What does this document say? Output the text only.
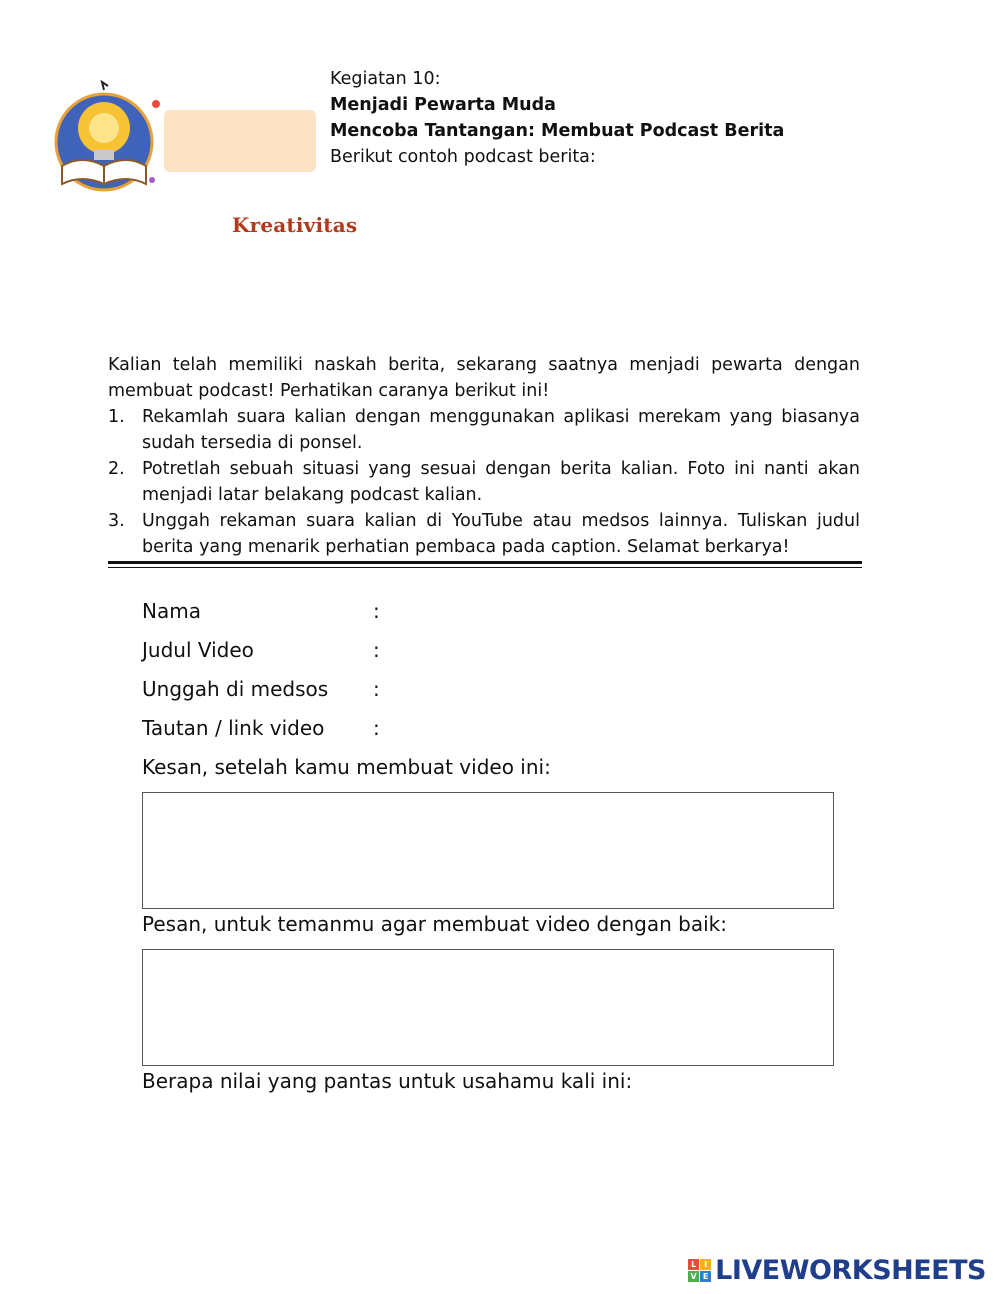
Kreativitas
Kegiatan 10:
Menjadi Pewarta Muda
Mencoba Tantangan: Membuat Podcast Berita
Berikut contoh podcast berita:
Kalian telah memiliki naskah berita, sekarang saatnya menjadi pewarta dengan membuat podcast! Perhatikan caranya berikut ini!
1. Rekamlah suara kalian dengan menggunakan aplikasi merekam yang biasanya sudah tersedia di ponsel.
2. Potretlah sebuah situasi yang sesuai dengan berita kalian. Foto ini nanti akan menjadi latar belakang podcast kalian.
3. Unggah rekaman suara kalian di YouTube atau medsos lainnya. Tuliskan judul berita yang menarik perhatian pembaca pada caption. Selamat berkarya!
Nama	:
Judul Video	:
Unggah di medsos :
Tautan / link video :
Kesan, setelah kamu membuat video ini:
Pesan, untuk temanmu agar membuat video dengan baik:
Berapa nilai yang pantas untuk usahamu kali ini:
L I
V E LIVEWORKSHEETS
